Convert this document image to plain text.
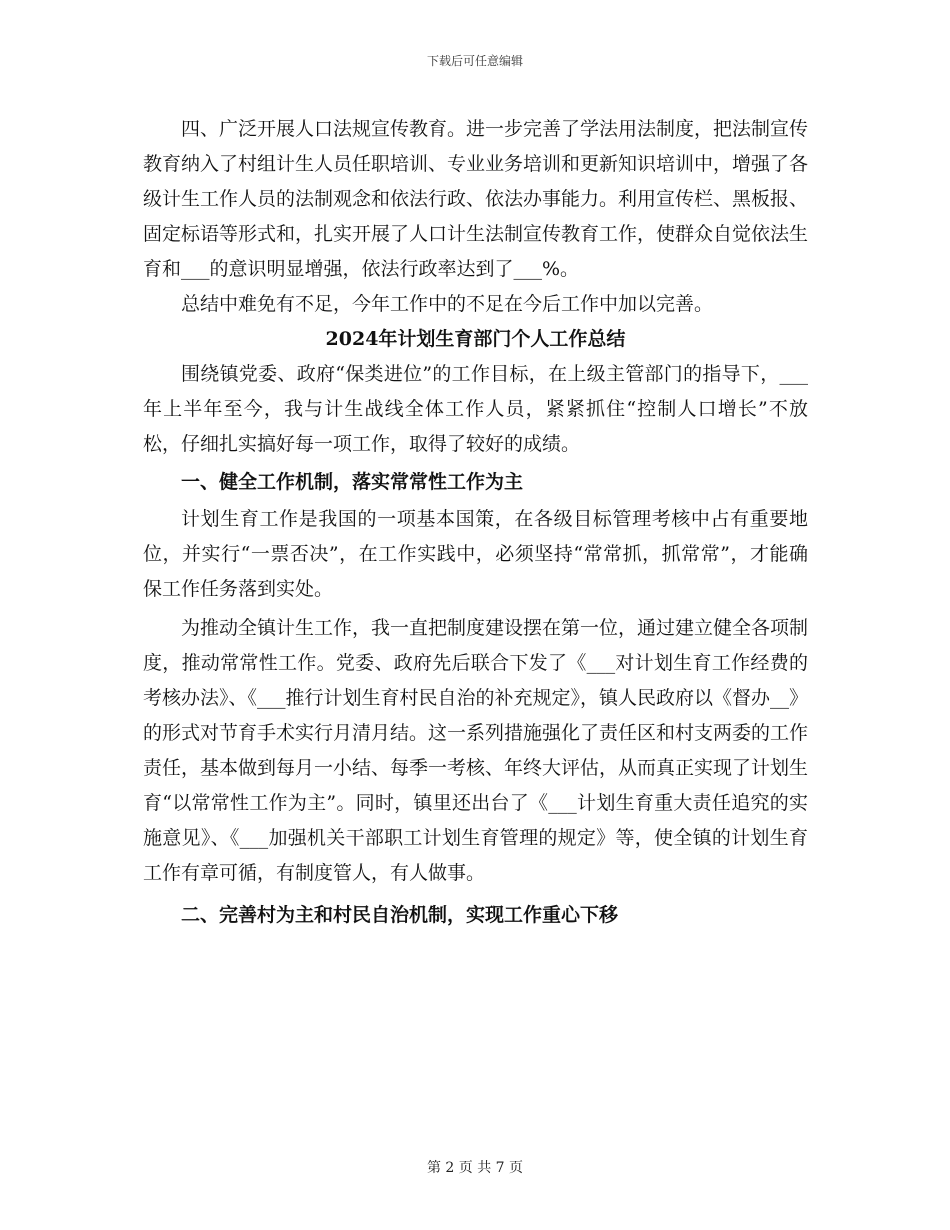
下载后可任意编辑

四、广泛开展人口法规宣传教育。进一步完善了学法用法制度，把法制宣传教育纳入了村组计生人员任职培训、专业业务培训和更新知识培训中，增强了各级计生工作人员的法制观念和依法行政、依法办事能力。利用宣传栏、黑板报、固定标语等形式和，扎实开展了人口计生法制宣传教育工作，使群众自觉依法生育和___的意识明显增强，依法行政率达到了___%。

总结中难免有不足，今年工作中的不足在今后工作中加以完善。

2024年计划生育部门个人工作总结

围绕镇党委、政府“保类进位”的工作目标，在上级主管部门的指导下，___年上半年至今，我与计生战线全体工作人员，紧紧抓住“控制人口增长”不放松，仔细扎实搞好每一项工作，取得了较好的成绩。

一、健全工作机制，落实常常性工作为主

计划生育工作是我国的一项基本国策，在各级目标管理考核中占有重要地位，并实行“一票否决”，在工作实践中，必须坚持“常常抓，抓常常”，才能确保工作任务落到实处。

为推动全镇计生工作，我一直把制度建设摆在第一位，通过建立健全各项制度，推动常常性工作。党委、政府先后联合下发了《___对计划生育工作经费的考核办法》、《___推行计划生育村民自治的补充规定》，镇人民政府以《督办__》的形式对节育手术实行月清月结。这一系列措施强化了责任区和村支两委的工作责任，基本做到每月一小结、每季一考核、年终大评估，从而真正实现了计划生育“以常常性工作为主”。同时，镇里还出台了《___计划生育重大责任追究的实施意见》、《___加强机关干部职工计划生育管理的规定》等，使全镇的计划生育工作有章可循，有制度管人，有人做事。

二、完善村为主和村民自治机制，实现工作重心下移

第 2 页 共 7 页
